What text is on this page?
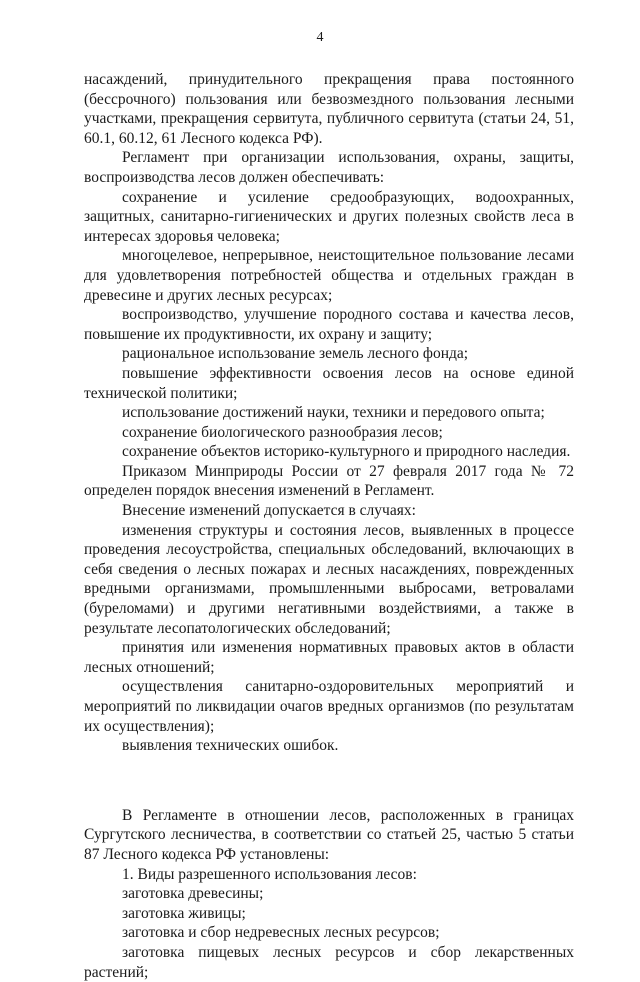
4

насаждений, принудительного прекращения права постоянного (бессрочного) пользования или безвозмездного пользования лесными участками, прекращения сервитута, публичного сервитута (статьи 24, 51, 60.1, 60.12, 61 Лесного кодекса РФ).

Регламент при организации использования, охраны, защиты, воспроизводства лесов должен обеспечивать:

сохранение и усиление средообразующих, водоохранных, защитных, санитарно-гигиенических и других полезных свойств леса в интересах здоровья человека;

многоцелевое, непрерывное, неистощительное пользование лесами для удовлетворения потребностей общества и отдельных граждан в древесине и других лесных ресурсах;

воспроизводство, улучшение породного состава и качества лесов, повышение их продуктивности, их охрану и защиту;

рациональное использование земель лесного фонда;

повышение эффективности освоения лесов на основе единой технической политики;

использование достижений науки, техники и передового опыта;

сохранение биологического разнообразия лесов;

сохранение объектов историко-культурного и природного наследия.

Приказом Минприроды России от 27 февраля 2017 года № 72 определен порядок внесения изменений в Регламент.

Внесение изменений допускается в случаях:

изменения структуры и состояния лесов, выявленных в процессе проведения лесоустройства, специальных обследований, включающих в себя сведения о лесных пожарах и лесных насаждениях, поврежденных вредными организмами, промышленными выбросами, ветровалами (буреломами) и другими негативными воздействиями, а также в результате лесопатологических обследований;

принятия или изменения нормативных правовых актов в области лесных отношений;

осуществления санитарно-оздоровительных мероприятий и мероприятий по ликвидации очагов вредных организмов (по результатам их осуществления);

выявления технических ошибок.

В Регламенте в отношении лесов, расположенных в границах Сургутского лесничества, в соответствии со статьей 25, частью 5 статьи 87 Лесного кодекса РФ установлены:

1. Виды разрешенного использования лесов:

заготовка древесины;

заготовка живицы;

заготовка и сбор недревесных лесных ресурсов;

заготовка пищевых лесных ресурсов и сбор лекарственных растений;
